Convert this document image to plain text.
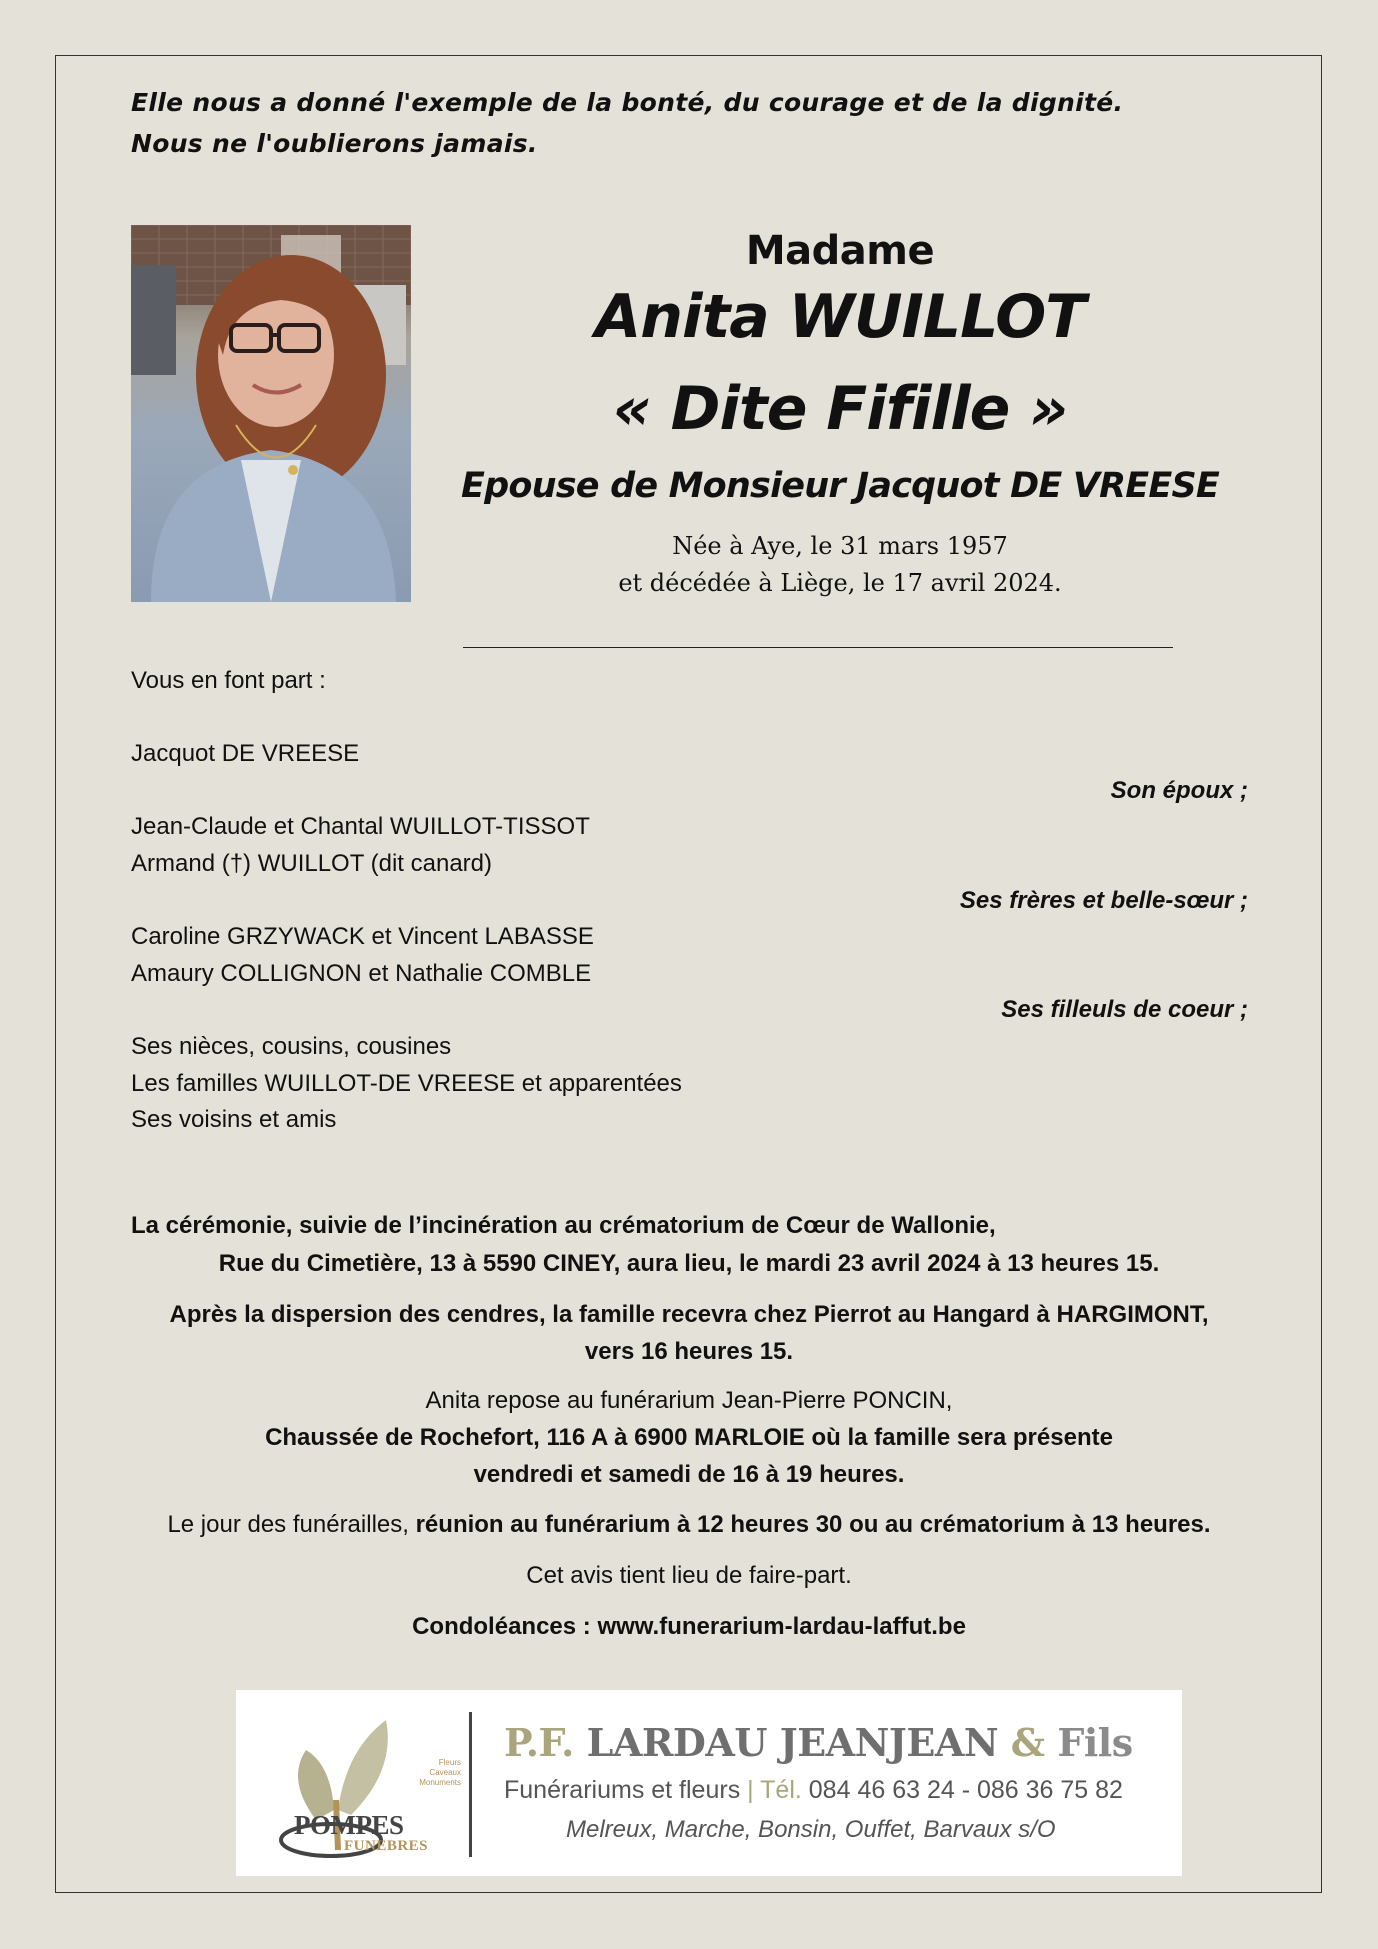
Elle nous a donné l'exemple de la bonté, du courage et de la dignité.
Nous ne l'oublierons jamais.
Madame
Anita WUILLOT
« Dite Fifille »
Epouse de Monsieur Jacquot DE VREESE
Née à Aye, le 31 mars 1957
et décédée à Liège, le 17 avril 2024.
Vous en font part :
Jacquot DE VREESE
Son époux ;
Jean-Claude et Chantal WUILLOT-TISSOT
Armand (†) WUILLOT (dit canard)
Ses frères et belle-sœur ;
Caroline GRZYWACK et Vincent LABASSE
Amaury COLLIGNON et Nathalie COMBLE
Ses filleuls de coeur ;
Ses nièces, cousins, cousines
Les familles WUILLOT-DE VREESE et apparentées
Ses voisins et amis
La cérémonie, suivie de l’incinération au crématorium de Cœur de Wallonie,
Rue du Cimetière, 13 à 5590 CINEY, aura lieu, le mardi 23 avril 2024 à 13 heures 15.
Après la dispersion des cendres, la famille recevra chez Pierrot au Hangard à HARGIMONT,
vers 16 heures 15.
Anita repose au funérarium Jean-Pierre PONCIN,
Chaussée de Rochefort, 116 A à 6900 MARLOIE où la famille sera présente
vendredi et samedi de 16 à 19 heures.
Le jour des funérailles, réunion au funérarium à 12 heures 30 ou au crématorium à 13 heures.
Cet avis tient lieu de faire-part.
Condoléances : www.funerarium-lardau-laffut.be
Fleurs
Caveaux
Monuments
POMPES
FUNEBRES
P.F. LARDAU JEANJEAN & Fils
Funérariums et fleurs | Tél. 084 46 63 24 - 086 36 75 82
Melreux, Marche, Bonsin, Ouffet, Barvaux s/O
